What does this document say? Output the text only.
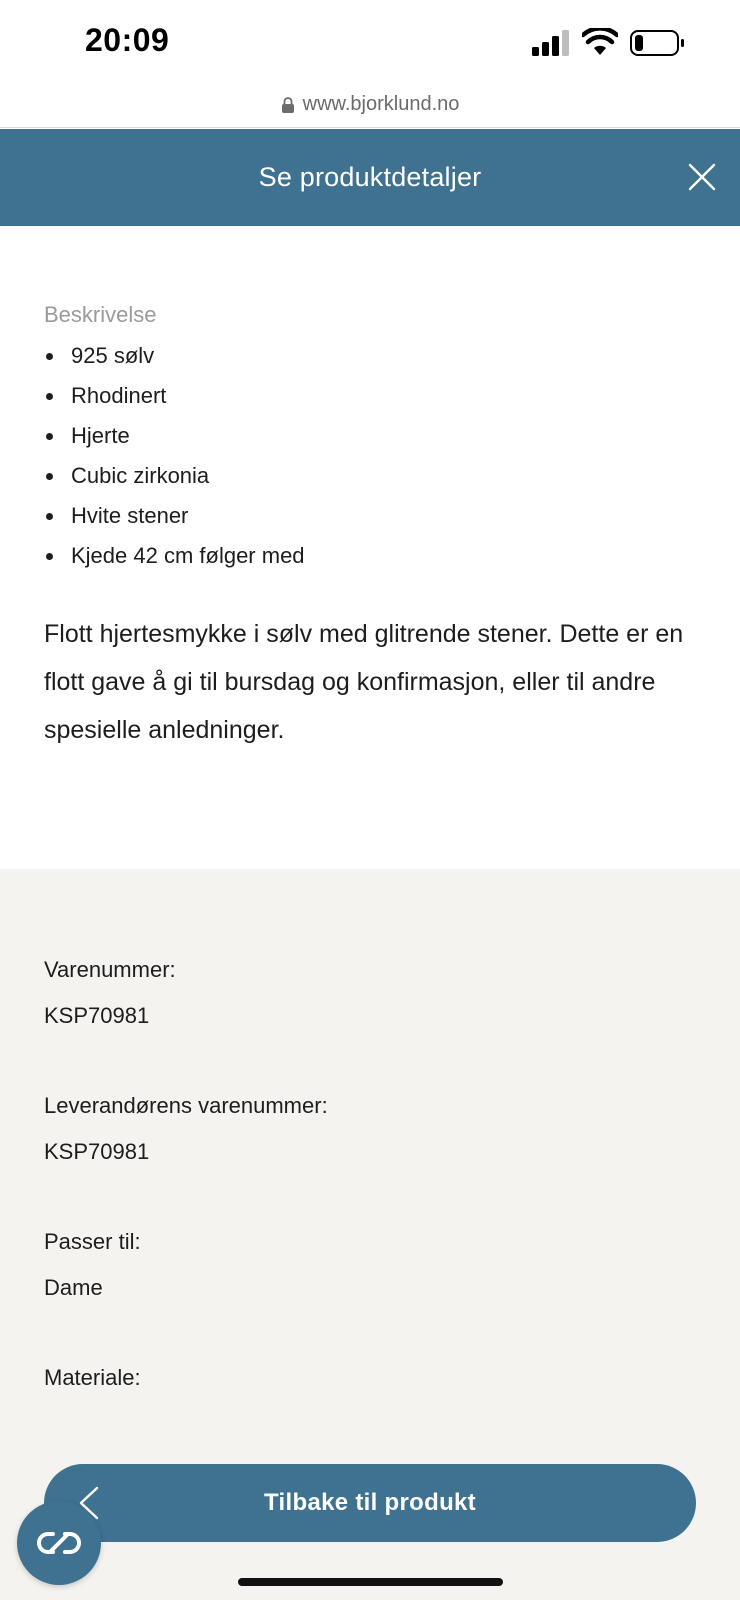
20:09
www.bjorklund.no
Se produktdetaljer
Beskrivelse
925 sølv
Rhodinert
Hjerte
Cubic zirkonia
Hvite stener
Kjede 42 cm følger med

Flott hjertesmykke i sølv med glitrende stener. Dette er en flott gave å gi til bursdag og konfirmasjon, eller til andre spesielle anledninger.

Varenummer:
KSP70981
Leverandørens varenummer:
KSP70981
Passer til:
Dame
Materiale:
Tilbake til produkt
